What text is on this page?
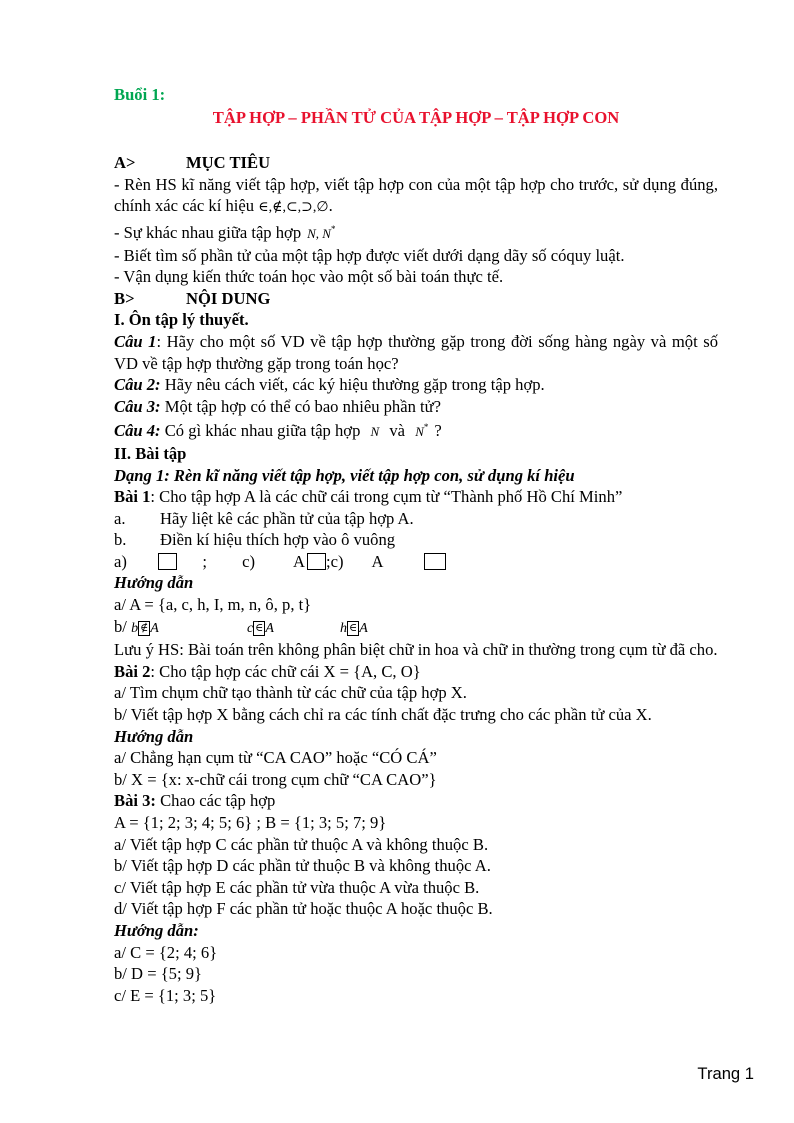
Buổi 1:

TẬP HỢP – PHẦN TỬ CỦA TẬP HỢP – TẬP HỢP CON

A>	MỤC TIÊU

- Rèn HS kĩ năng viết tập hợp, viết tập hợp con của một tập hợp cho trước, sử dụng đúng, chính xác các kí hiệu ∈,∉,⊂,⊃,∅.

- Sự khác nhau giữa tập hợp N, N*

- Biết tìm số phần tử của một tập hợp được viết dưới dạng dãy số cóquy luật.

- Vận dụng kiến thức toán học vào một số bài toán thực tế.

B>	NỘI DUNG

I. Ôn tập lý thuyết.

Câu 1: Hãy cho một số VD về tập hợp thường gặp trong đời sống hàng ngày và một số VD về tập hợp thường gặp trong toán học?

Câu 2: Hãy nêu cách viết, các ký hiệu thường gặp trong tập hợp.

Câu 3: Một tập hợp có thể có bao nhiêu phần tử?

Câu 4: Có gì khác nhau giữa tập hợp N và N* ?

II. Bài tập

Dạng 1: Rèn kĩ năng viết tập hợp, viết tập hợp con, sử dụng kí hiệu

Bài 1: Cho tập hợp A là các chữ cái trong cụm từ “Thành phố Hồ Chí Minh”

a. Hãy liệt kê các phần tử của tập hợp A.

b. Điền kí hiệu thích hợp vào ô vuông

a)	; c) A ;c) A

Hướng dẫn

a/ A = {a, c, h, I, m, n, ô, p, t}

b/ b ∉ A	c ∈ A	h ∈ A

Lưu ý HS: Bài toán trên không phân biệt chữ in hoa và chữ in thường trong cụm từ đã cho.

Bài 2: Cho tập hợp các chữ cái X = {A, C, O}

a/ Tìm chụm chữ tạo thành từ các chữ của tập hợp X.

b/ Viết tập hợp X bằng cách chỉ ra các tính chất đặc trưng cho các phần tử của X.

Hướng dẫn

a/ Chẳng hạn cụm từ “CA CAO” hoặc “CÓ CÁ”

b/ X = {x: x-chữ cái trong cụm chữ “CA CAO”}

Bài 3: Chao các tập hợp

A = {1; 2; 3; 4; 5; 6} ; B = {1; 3; 5; 7; 9}

a/ Viết tập hợp C các phần tử thuộc A và không thuộc B.

b/ Viết tập hợp D các phần tử thuộc B và không thuộc A.

c/ Viết tập hợp E các phần tử vừa thuộc A vừa thuộc B.

d/ Viết tập hợp F các phần tử hoặc thuộc A hoặc thuộc B.

Hướng dẫn:

a/ C = {2; 4; 6}

b/ D = {5; 9}

c/ E = {1; 3; 5}

Trang 1
